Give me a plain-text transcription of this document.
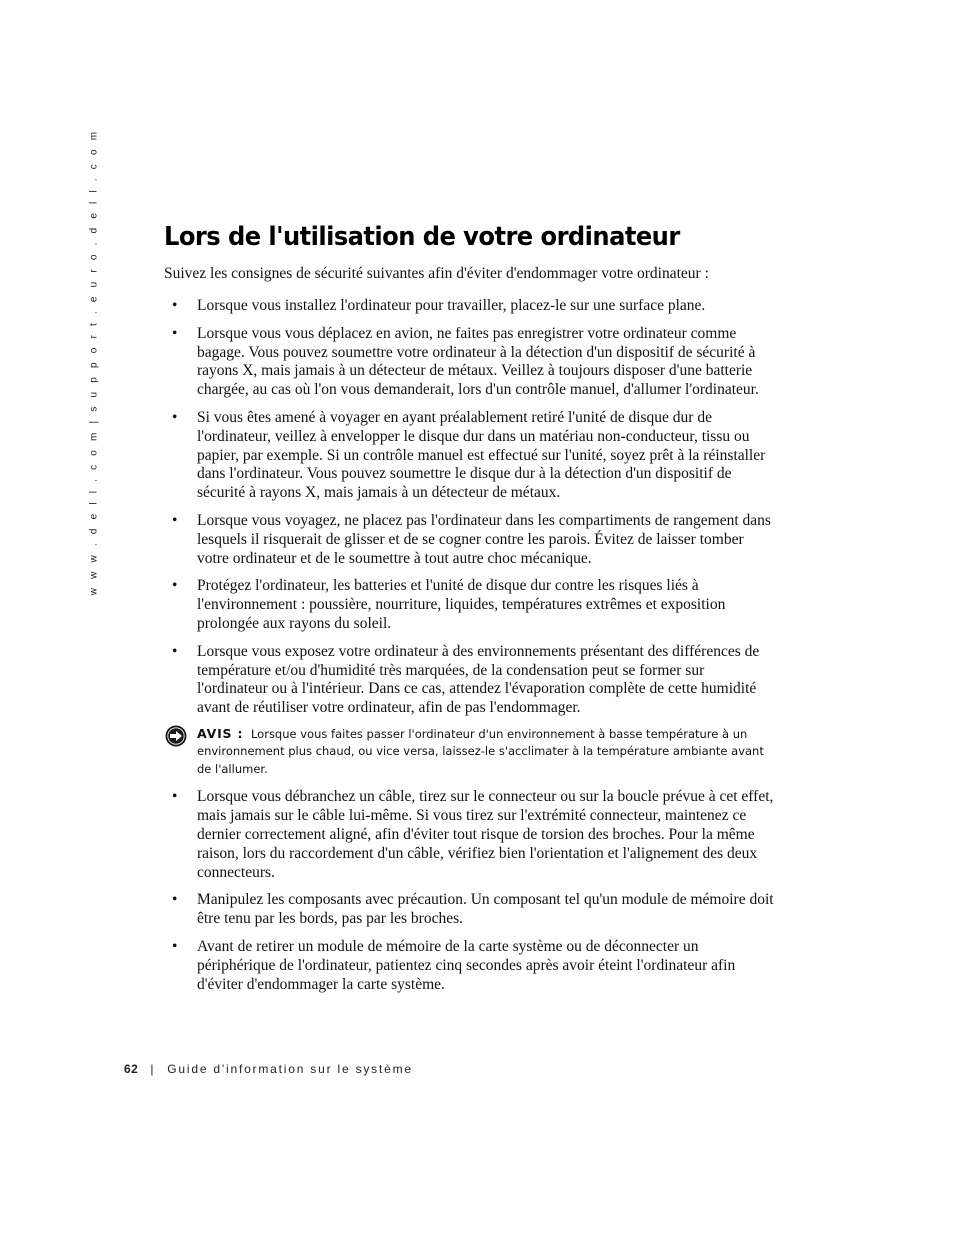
w w w . d e l l . c o m | s u p p o r t . e u r o . d e l l . c o m Lors de l'utilisation de votre ordinateur

Suivez les consignes de sécurité suivantes afin d'éviter d'endommager votre ordinateur :

• Lorsque vous installez l'ordinateur pour travailler, placez-le sur une surface plane.
• Lorsque vous vous déplacez en avion, ne faites pas enregistrer votre ordinateur comme bagage. Vous pouvez soumettre votre ordinateur à la détection d'un dispositif de sécurité à rayons X, mais jamais à un détecteur de métaux. Veillez à toujours disposer d'une batterie chargée, au cas où l'on vous demanderait, lors d'un contrôle manuel, d'allumer l'ordinateur.
• Si vous êtes amené à voyager en ayant préalablement retiré l'unité de disque dur de l'ordinateur, veillez à envelopper le disque dur dans un matériau non-conducteur, tissu ou papier, par exemple. Si un contrôle manuel est effectué sur l'unité, soyez prêt à la réinstaller dans l'ordinateur. Vous pouvez soumettre le disque dur à la détection d'un dispositif de sécurité à rayons X, mais jamais à un détecteur de métaux.
• Lorsque vous voyagez, ne placez pas l'ordinateur dans les compartiments de rangement dans lesquels il risquerait de glisser et de se cogner contre les parois. Évitez de laisser tomber votre ordinateur et de le soumettre à tout autre choc mécanique.
• Protégez l'ordinateur, les batteries et l'unité de disque dur contre les risques liés à l'environnement : poussière, nourriture, liquides, températures extrêmes et exposition prolongée aux rayons du soleil.
• Lorsque vous exposez votre ordinateur à des environnements présentant des différences de température et/ou d'humidité très marquées, de la condensation peut se former sur l'ordinateur ou à l'intérieur. Dans ce cas, attendez l'évaporation complète de cette humidité avant de réutiliser votre ordinateur, afin de pas l'endommager.
AVIS : Lorsque vous faites passer l'ordinateur d'un environnement à basse température à un environnement plus chaud, ou vice versa, laissez-le s'acclimater à la température ambiante avant de l'allumer.
• Lorsque vous débranchez un câble, tirez sur le connecteur ou sur la boucle prévue à cet effet, mais jamais sur le câble lui-même. Si vous tirez sur l'extrémité connecteur, maintenez ce dernier correctement aligné, afin d'éviter tout risque de torsion des broches. Pour la même raison, lors du raccordement d'un câble, vérifiez bien l'orientation et l'alignement des deux connecteurs.
• Manipulez les composants avec précaution. Un composant tel qu'un module de mémoire doit être tenu par les bords, pas par les broches.
• Avant de retirer un module de mémoire de la carte système ou de déconnecter un périphérique de l'ordinateur, patientez cinq secondes après avoir éteint l'ordinateur afin d'éviter d'endommager la carte système.
62 | Guide d'information sur le système
